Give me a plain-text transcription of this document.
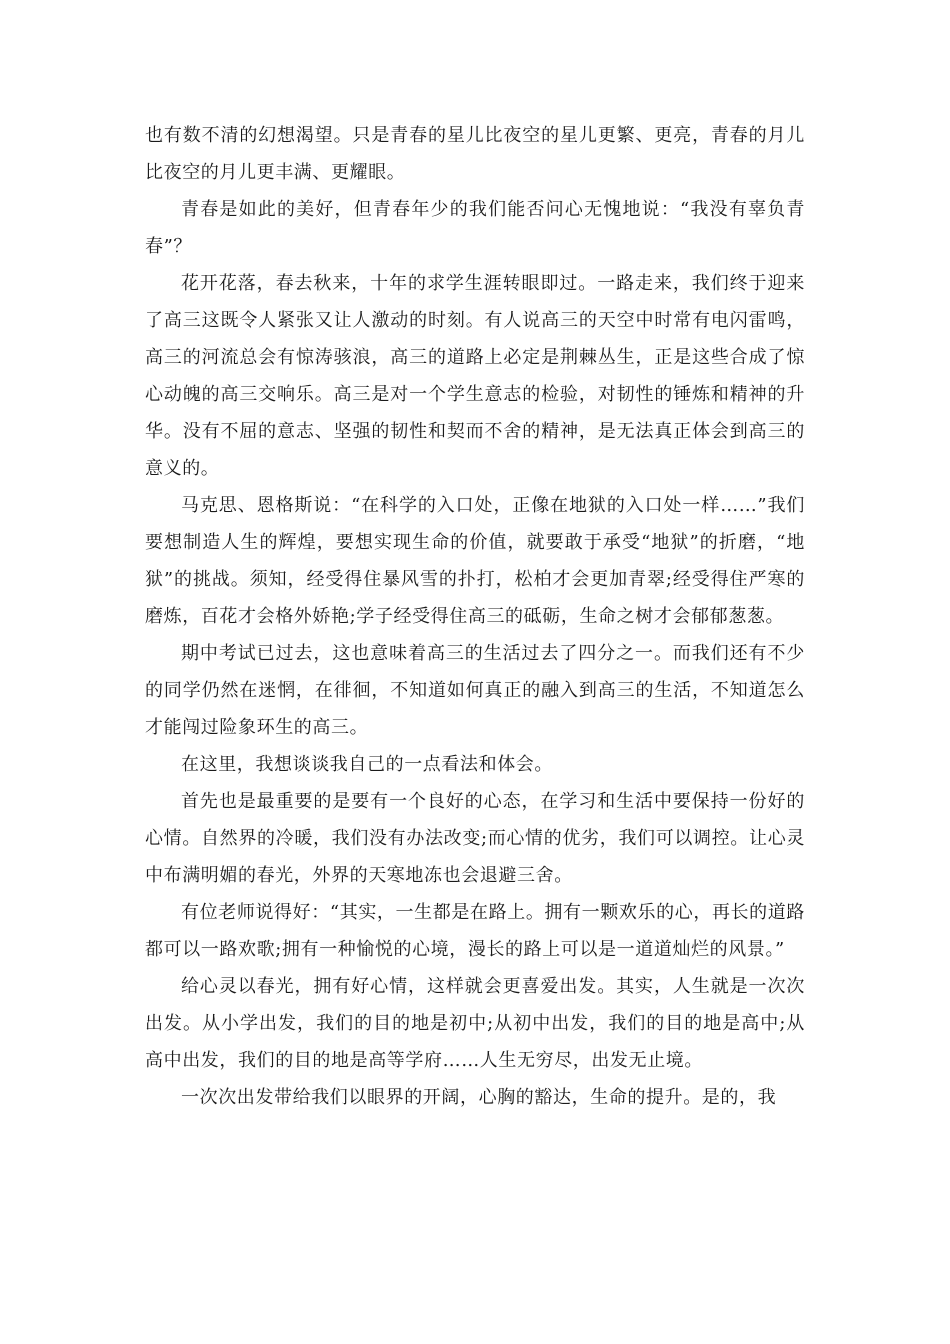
也有数不清的幻想渴望。只是青春的星儿比夜空的星儿更繁、更亮，青春的月儿比夜空的月儿更丰满、更耀眼。

青春是如此的美好，但青春年少的我们能否问心无愧地说：“我没有辜负青春”？

花开花落，春去秋来，十年的求学生涯转眼即过。一路走来，我们终于迎来了高三这既令人紧张又让人激动的时刻。有人说高三的天空中时常有电闪雷鸣，高三的河流总会有惊涛骇浪，高三的道路上必定是荆棘丛生，正是这些合成了惊心动魄的高三交响乐。高三是对一个学生意志的检验，对韧性的锤炼和精神的升华。没有不屈的意志、坚强的韧性和契而不舍的精神，是无法真正体会到高三的意义的。

马克思、恩格斯说：“在科学的入口处，正像在地狱的入口处一样……”我们要想制造人生的辉煌，要想实现生命的价值，就要敢于承受“地狱”的折磨，“地狱”的挑战。须知，经受得住暴风雪的扑打，松柏才会更加青翠;经受得住严寒的磨炼，百花才会格外娇艳;学子经受得住高三的砥砺，生命之树才会郁郁葱葱。

期中考试已过去，这也意味着高三的生活过去了四分之一。而我们还有不少的同学仍然在迷惘，在徘徊，不知道如何真正的融入到高三的生活，不知道怎么才能闯过险象环生的高三。

在这里，我想谈谈我自己的一点看法和体会。

首先也是最重要的是要有一个良好的心态，在学习和生活中要保持一份好的心情。自然界的冷暖，我们没有办法改变;而心情的优劣，我们可以调控。让心灵中布满明媚的春光，外界的天寒地冻也会退避三舍。

有位老师说得好：“其实，一生都是在路上。拥有一颗欢乐的心，再长的道路都可以一路欢歌;拥有一种愉悦的心境，漫长的路上可以是一道道灿烂的风景。”

给心灵以春光，拥有好心情，这样就会更喜爱出发。其实，人生就是一次次出发。从小学出发，我们的目的地是初中;从初中出发，我们的目的地是高中;从高中出发，我们的目的地是高等学府……人生无穷尽，出发无止境。

一次次出发带给我们以眼界的开阔，心胸的豁达，生命的提升。是的，我
